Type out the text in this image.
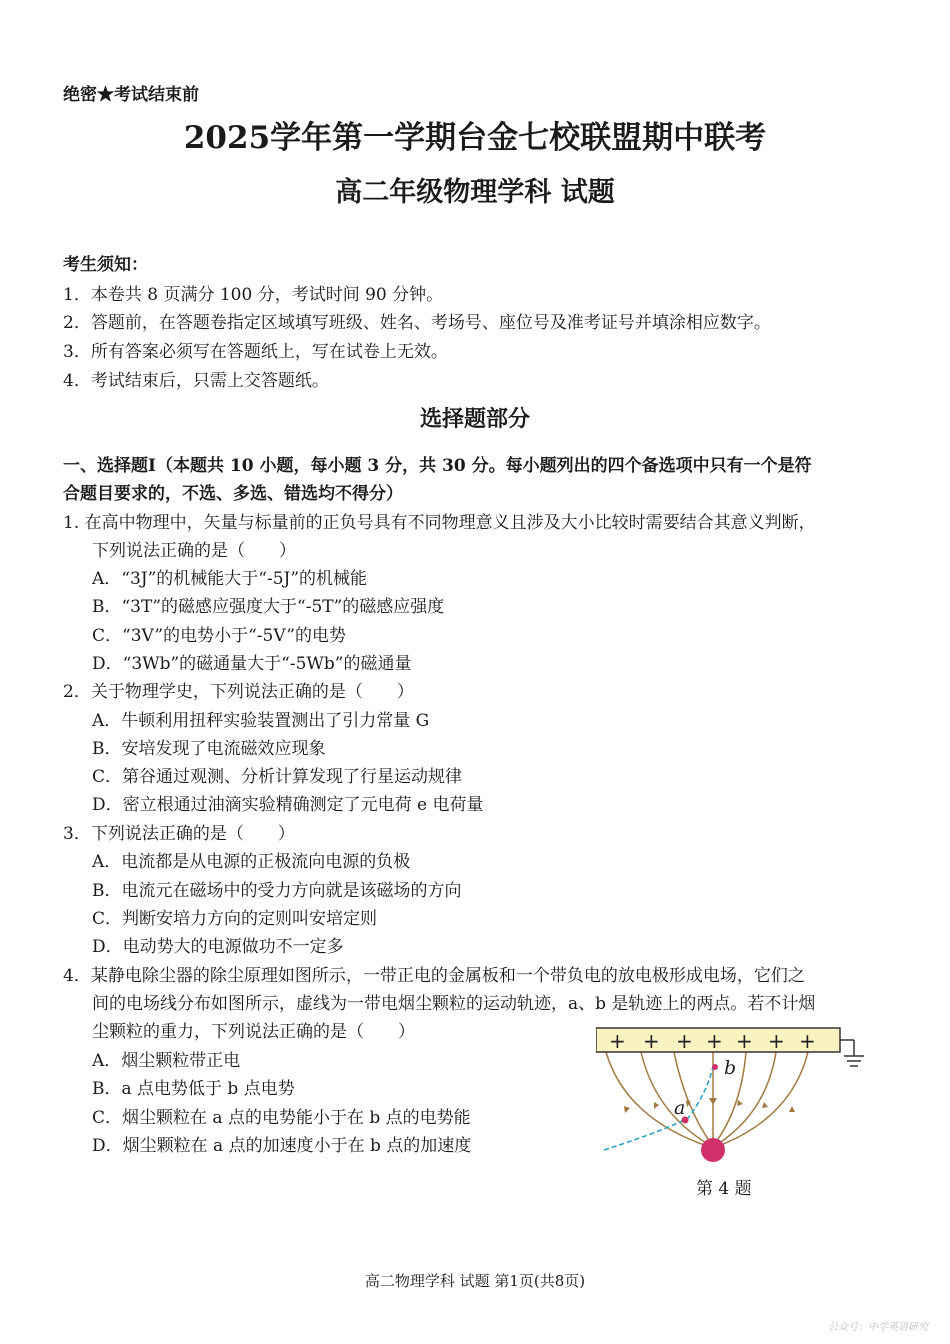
绝密★考试结束前
2025学年第一学期台金七校联盟期中联考
高二年级物理学科 试题
考生须知：
1．本卷共 8 页满分 100 分，考试时间 90 分钟。
2．答题前，在答题卷指定区域填写班级、姓名、考场号、座位号及准考证号并填涂相应数字。
3．所有答案必须写在答题纸上，写在试卷上无效。
4．考试结束后，只需上交答题纸。
选择题部分
一、选择题Ⅰ（本题共 10 小题，每小题 3 分，共 30 分。每小题列出的四个备选项中只有一个是符
合题目要求的，不选、多选、错选均不得分）
1. 在高中物理中，矢量与标量前的正负号具有不同物理意义且涉及大小比较时需要结合其意义判断，
下列说法正确的是（　　）
A．“3J”的机械能大于“-5J”的机械能
B．“3T”的磁感应强度大于“-5T”的磁感应强度
C．“3V”的电势小于“-5V”的电势
D．“3Wb”的磁通量大于“-5Wb”的磁通量
2．关于物理学史，下列说法正确的是（　　）
A．牛顿利用扭秤实验装置测出了引力常量 G
B．安培发现了电流磁效应现象
C．第谷通过观测、分析计算发现了行星运动规律
D．密立根通过油滴实验精确测定了元电荷 e 电荷量
3．下列说法正确的是（　　）
A．电流都是从电源的正极流向电源的负极
B．电流元在磁场中的受力方向就是该磁场的方向
C．判断安培力方向的定则叫安培定则
D．电动势大的电源做功不一定多
4．某静电除尘器的除尘原理如图所示，一带正电的金属板和一个带负电的放电极形成电场，它们之
间的电场线分布如图所示，虚线为一带电烟尘颗粒的运动轨迹，a、b 是轨迹上的两点。若不计烟
尘颗粒的重力，下列说法正确的是（　　）
A．烟尘颗粒带正电
B．a 点电势低于 b 点电势
C．烟尘颗粒在 a 点的电势能小于在 b 点的电势能
D．烟尘颗粒在 a 点的加速度小于在 b 点的加速度
+ + + + + + +
a
b
第 4 题
高二物理学科 试题 第1页(共8页)
公众号：中学英语研究
